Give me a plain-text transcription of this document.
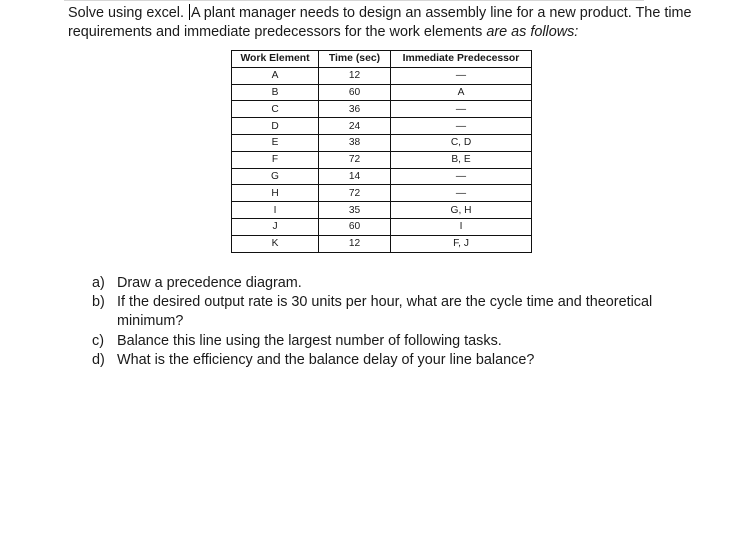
Solve using excel. A plant manager needs to design an assembly line for a new product. The time requirements and immediate predecessors for the work elements are as follows:
Work Element	Time (sec)	Immediate Predecessor
A	12	—
B	60	A
C	36	—
D	24	—
E	38	C, D
F	72	B, E
G	14	—
H	72	—
I	35	G, H
J	60	I
K	12	F, J
a) Draw a precedence diagram.
b) If the desired output rate is 30 units per hour, what are the cycle time and theoretical minimum?
c) Balance this line using the largest number of following tasks.
d) What is the efficiency and the balance delay of your line balance?
